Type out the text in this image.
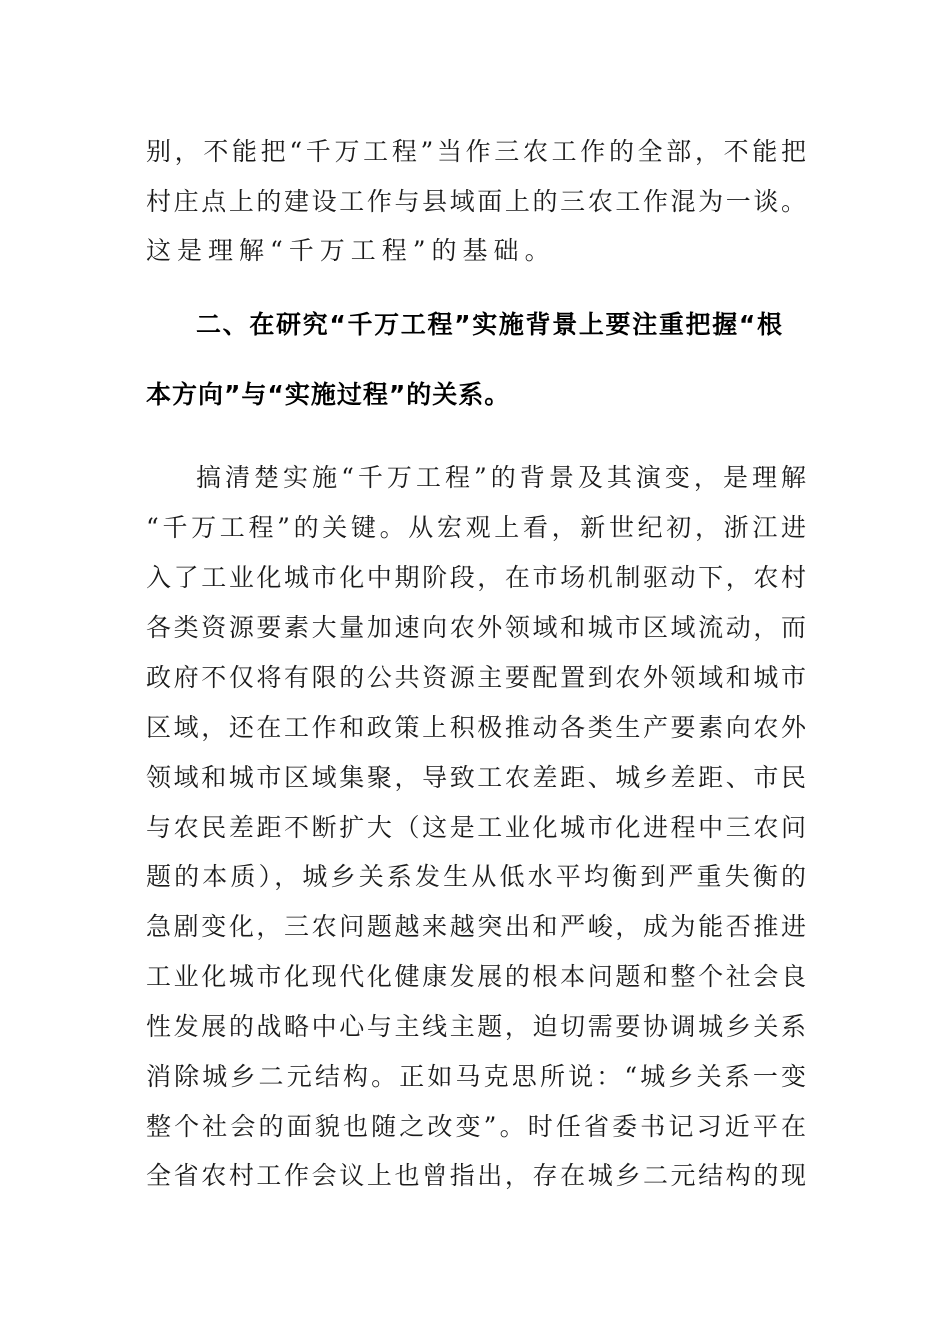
别，不能把“千万工程”当作三农工作的全部，不能把
村庄点上的建设工作与县域面上的三农工作混为一谈。
这是理解“千万工程”的基础。
二、在研究“千万工程”实施背景上要注重把握“根
本方向”与“实施过程”的关系。
搞清楚实施“千万工程”的背景及其演变，是理解
“千万工程”的关键。从宏观上看，新世纪初，浙江进
入了工业化城市化中期阶段，在市场机制驱动下，农村
各类资源要素大量加速向农外领域和城市区域流动，而
政府不仅将有限的公共资源主要配置到农外领域和城市
区域，还在工作和政策上积极推动各类生产要素向农外
领域和城市区域集聚，导致工农差距、城乡差距、市民
与农民差距不断扩大（这是工业化城市化进程中三农问
题的本质），城乡关系发生从低水平均衡到严重失衡的
急剧变化，三农问题越来越突出和严峻，成为能否推进
工业化城市化现代化健康发展的根本问题和整个社会良
性发展的战略中心与主线主题，迫切需要协调城乡关系
消除城乡二元结构。正如马克思所说：“城乡关系一变
整个社会的面貌也随之改变”。时任省委书记习近平在
全省农村工作会议上也曾指出，存在城乡二元结构的现
